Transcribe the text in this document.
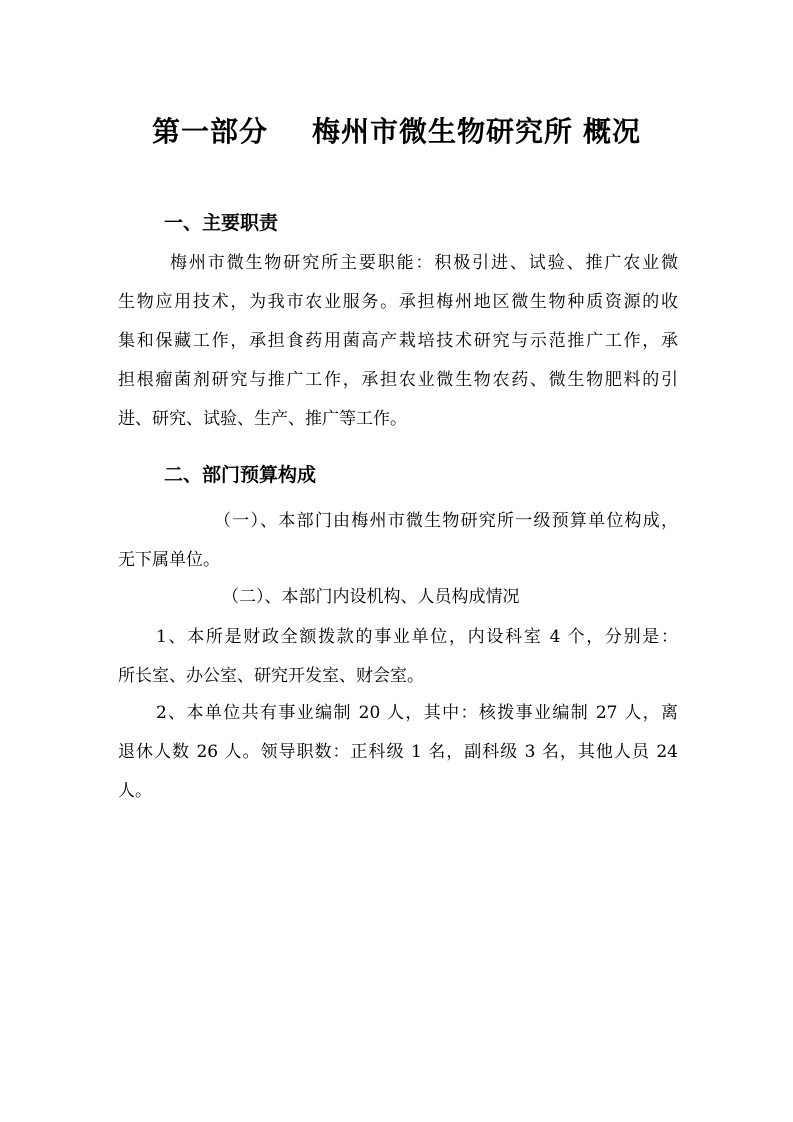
第一部分 梅州市微生物研究所 概况
一、主要职责
梅州市微生物研究所主要职能：积极引进、试验、推广农业微
生物应用技术，为我市农业服务。承担梅州地区微生物种质资源的收
集和保藏工作，承担食药用菌高产栽培技术研究与示范推广工作，承
担根瘤菌剂研究与推广工作，承担农业微生物农药、微生物肥料的引
进、研究、试验、生产、推广等工作。
二、部门预算构成
（一）、本部门由梅州市微生物研究所一级预算单位构成，
无下属单位。
（二）、本部门内设机构、人员构成情况
1、本所是财政全额拨款的事业单位，内设科室 4 个，分别是：
所长室、办公室、研究开发室、财会室。
2、本单位共有事业编制 20 人，其中：核拨事业编制 27 人，离
退休人数 26 人。领导职数：正科级 1 名，副科级 3 名，其他人员 24
人。
